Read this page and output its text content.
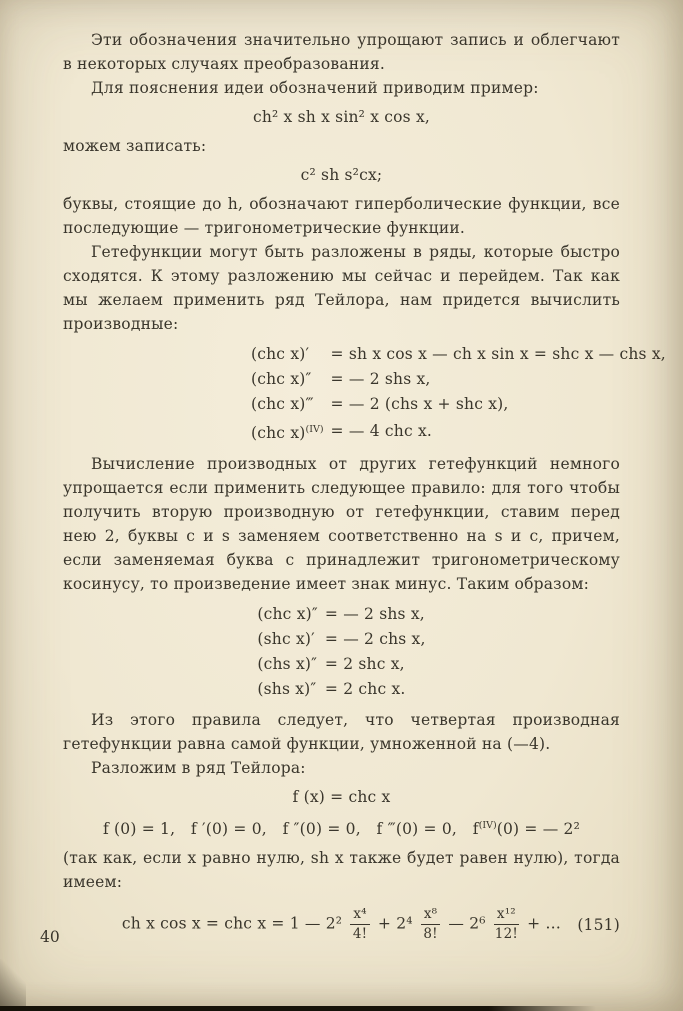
Эти обозначения значительно упрощают запись и облегчают в некоторых случаях преобразования.

Для пояснения идеи обозначений приводим пример:

ch² x sh x sin² x cos x,

можем записать:

c² sh s²cx;

буквы, стоящие до h, обозначают гиперболические функции, все последующие — тригонометрические функции.

Гетефункции могут быть разложены в ряды, которые быстро сходятся. К этому разложению мы сейчас и перейдем. Так как мы желаем применить ряд Тейлора, нам придется вычислить производные:

(chc x)′	= sh x cos x — ch x sin x = shc x — chs x,
(chc x)″	= — 2 shs x,
(chc x)‴	= — 2 (chs x + shc x),
(chc x)$^{(IV)}$	= — 4 chc x.

Вычисление производных от других гетефункций немного упрощается если применить следующее правило: для того чтобы получить вторую производную от гетефункции, ставим перед нею 2, буквы c и s заменяем соответственно на s и c, причем, если заменяемая буква c принадлежит тригонометрическому косинусу, то произведение имеет знак минус. Таким образом:

(chc x)″	= — 2 shs x,
(shc x)′	= — 2 chs x,
(chs x)″	= 2 shc x,
(shs x)″	= 2 chc x.

Из этого правила следует, что четвертая производная гетефункции равна самой функции, умноженной на (—4).

Разложим в ряд Тейлора:

f (x) = chc x

f (0) = 1, f ′(0) = 0, f ″(0) = 0, f ‴(0) = 0, $f^{(IV)}(0)$ = — 2²

(так как, если x равно нулю, sh x также будет равен нулю), тогда имеем:

ch x cos x = chc x = 1 — $2^2 \frac{\text{x⁴}}{4!} + 2^4 \frac{\text{x⁸}}{8!}$ — $2^6 \frac{\text{x¹²}}{12!}$ + … (151)

40
